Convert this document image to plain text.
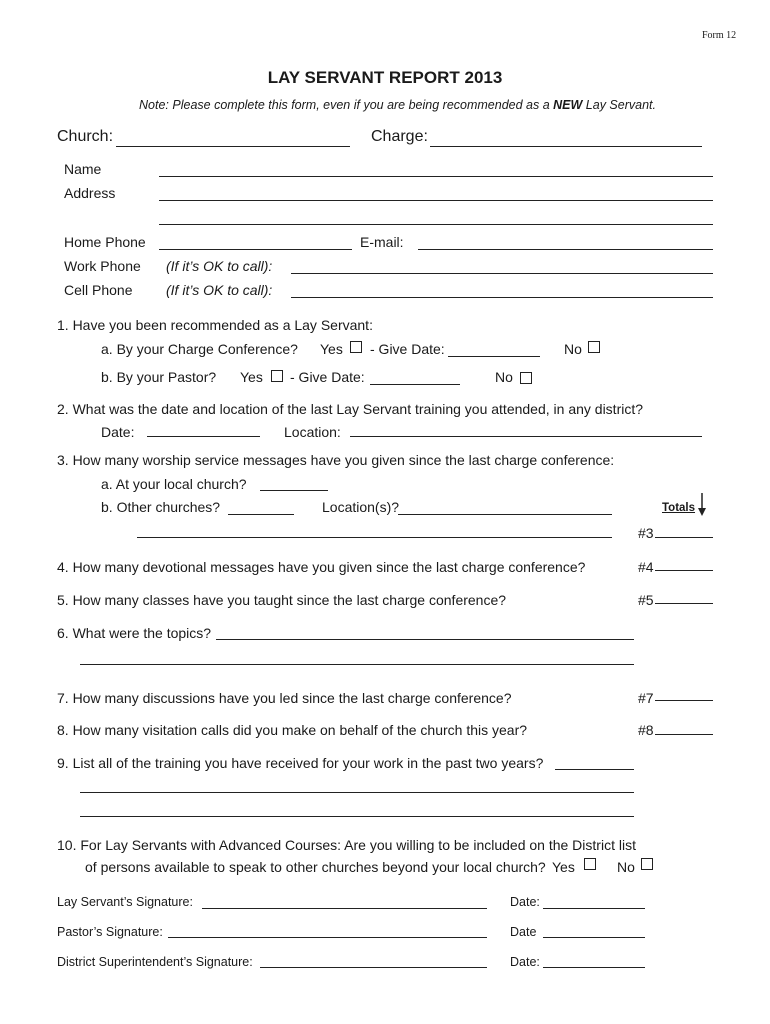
Form 12
LAY SERVANT REPORT 2013
Note: Please complete this form, even if you are being recommended as a NEW Lay Servant.
Church:	Charge:
Name
Address
Home Phone	E-mail:
Work Phone (If it’s OK to call):
Cell Phone (If it’s OK to call):
1. Have you been recommended as a Lay Servant:
a. By your Charge Conference? Yes - Give Date:	No
b. By your Pastor? Yes - Give Date:	No
2. What was the date and location of the last Lay Servant training you attended, in any district?
Date:	Location:
3. How many worship service messages have you given since the last charge conference:
a. At your local church?
b. Other churches?	Location(s)?	Totals
#3
4. How many devotional messages have you given since the last charge conference?	#4
5. How many classes have you taught since the last charge conference?	#5
6. What were the topics?
7. How many discussions have you led since the last charge conference?	#7
8. How many visitation calls did you make on behalf of the church this year?	#8
9. List all of the training you have received for your work in the past two years?
10. For Lay Servants with Advanced Courses: Are you willing to be included on the District list
of persons available to speak to other churches beyond your local church? Yes	No
Lay Servant’s Signature:	Date:
Pastor’s Signature:	Date
District Superintendent’s Signature:	Date:
